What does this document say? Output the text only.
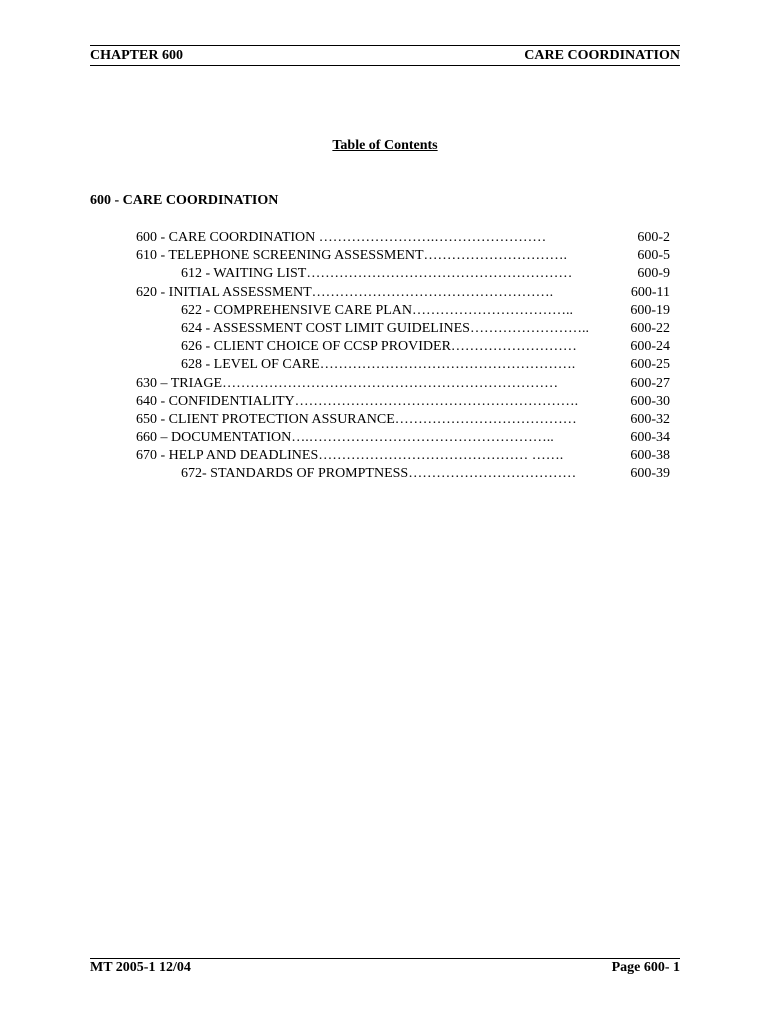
CHAPTER 600	CARE COORDINATION
Table of Contents
600 - CARE COORDINATION
600 - CARE COORDINATION …………………….……………………	600-2
610 - TELEPHONE SCREENING ASSESSMENT………………………….	600-5
612 - WAITING LIST…………………………………………………	600-9
620 - INITIAL ASSESSMENT…………………………………………….	600-11
622 - COMPREHENSIVE CARE PLAN……………………………..	600-19
624 - ASSESSMENT COST LIMIT GUIDELINES……………………..	600-22
626 - CLIENT CHOICE OF CCSP PROVIDER………………………	600-24
628 - LEVEL OF CARE……………………………………………….	600-25
630 – TRIAGE………………………………………………………………	600-27
640 - CONFIDENTIALITY…………………………………………………….	600-30
650 - CLIENT PROTECTION ASSURANCE…………………………………	600-32
660 – DOCUMENTATION….……………………………………………..	600-34
670 - HELP AND DEADLINES……………………………………… …….	600-38
672- STANDARDS OF PROMPTNESS………………………………	600-39
MT 2005-1 12/04	Page 600- 1
